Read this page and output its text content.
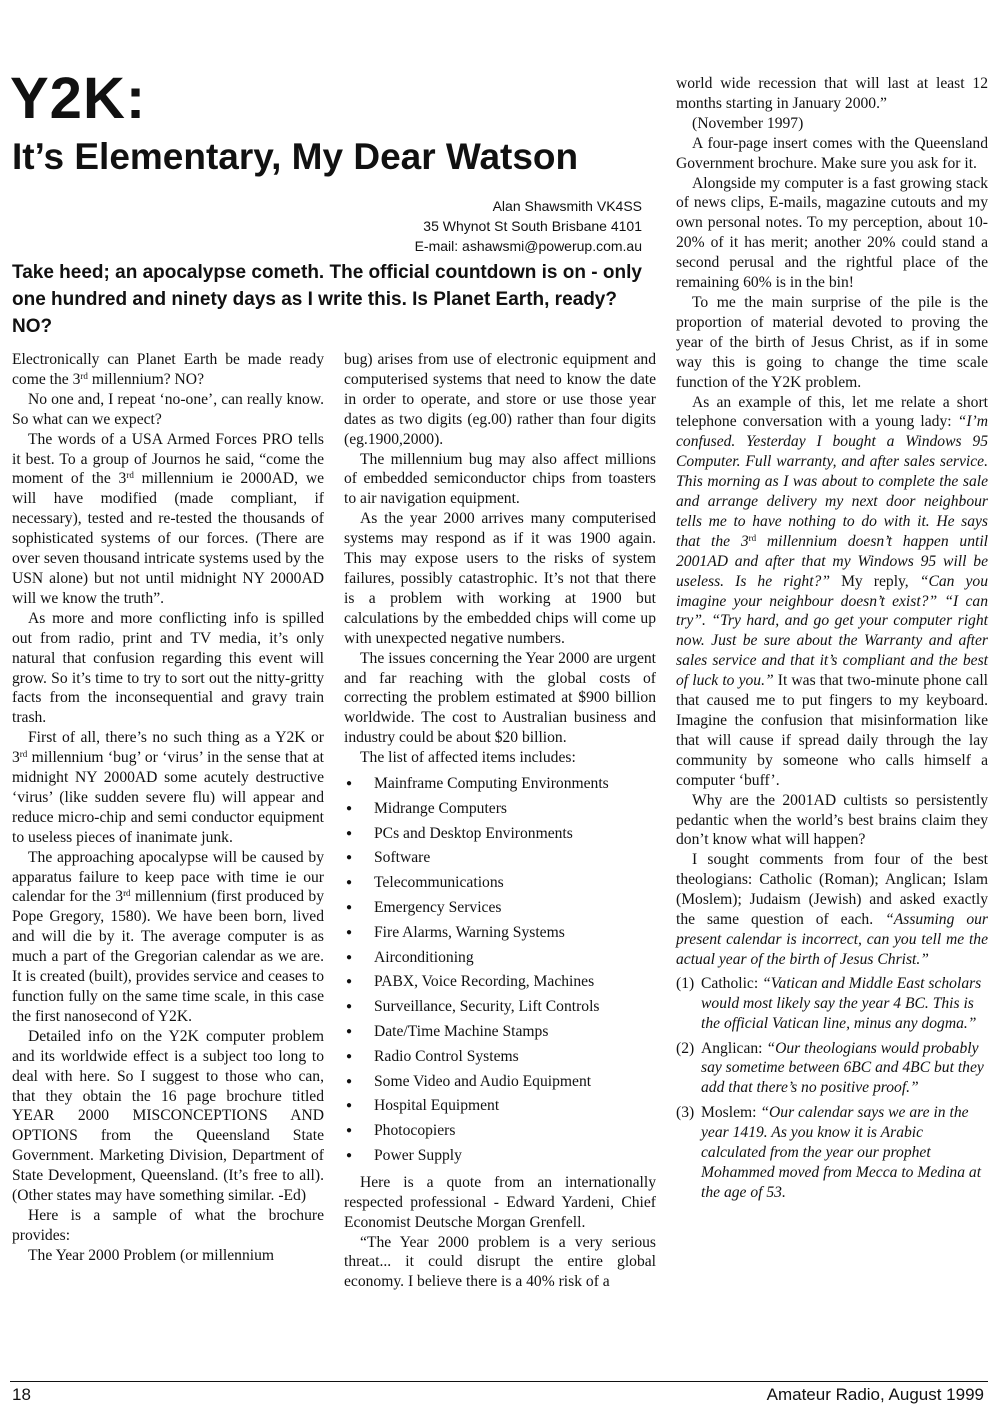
Y2K:
It’s Elementary, My Dear Watson
Alan Shawsmith VK4SS
35 Whynot St South Brisbane 4101
E-mail: ashawsmi@powerup.com.au

Take heed; an apocalypse cometh. The official countdown is on - only one hundred and ninety days as I write this. Is Planet Earth, ready? NO?

Electronically can Planet Earth be made ready come the 3rd millennium? NO?

No one and, I repeat ‘no-one’, can really know. So what can we expect?

The words of a USA Armed Forces PRO tells it best. To a group of Journos he said, “come the moment of the 3rd millennium ie 2000AD, we will have modified (made compliant, if necessary), tested and re-tested the thousands of sophisticated systems of our forces. (There are over seven thousand intricate systems used by the USN alone) but not until midnight NY 2000AD will we know the truth”.

As more and more conflicting info is spilled out from radio, print and TV media, it’s only natural that confusion regarding this event will grow. So it’s time to try to sort out the nitty-gritty facts from the inconsequential and gravy train trash.

First of all, there’s no such thing as a Y2K or 3rd millennium ‘bug’ or ‘virus’ in the sense that at midnight NY 2000AD some acutely destructive ‘virus’ (like sudden severe flu) will appear and reduce micro-chip and semi conductor equipment to useless pieces of inanimate junk.

The approaching apocalypse will be caused by apparatus failure to keep pace with time ie our calendar for the 3rd millennium (first produced by Pope Gregory, 1580). We have been born, lived and will die by it. The average computer is as much a part of the Gregorian calendar as we are. It is created (built), provides service and ceases to function fully on the same time scale, in this case the first nanosecond of Y2K.

Detailed info on the Y2K computer problem and its worldwide effect is a subject too long to deal with here. So I suggest to those who can, that they obtain the 16 page brochure titled YEAR 2000 MISCONCEPTIONS AND OPTIONS from the Queensland State Government. Marketing Division, Department of State Development, Queensland. (It’s free to all).(Other states may have something similar. -Ed)

Here is a sample of what the brochure provides:

The Year 2000 Problem (or millennium

bug) arises from use of electronic equipment and computerised systems that need to know the date in order to operate, and store or use those year dates as two digits (eg.00) rather than four digits (eg.1900,2000).

The millennium bug may also affect millions of embedded semiconductor chips from toasters to air navigation equipment.

As the year 2000 arrives many computerised systems may respond as if it was 1900 again. This may expose users to the risks of system failures, possibly catastrophic. It’s not that there is a problem with working at 1900 but calculations by the embedded chips will come up with unexpected negative numbers.

The issues concerning the Year 2000 are urgent and far reaching with the global costs of correcting the problem estimated at $900 billion worldwide. The cost to Australian business and industry could be about $20 billion.

The list of affected items includes:

● Mainframe Computing Environments
● Midrange Computers
● PCs and Desktop Environments
● Software
● Telecommunications
● Emergency Services
● Fire Alarms, Warning Systems
● Airconditioning
● PABX, Voice Recording, Machines
● Surveillance, Security, Lift Controls
● Date/Time Machine Stamps
● Radio Control Systems
● Some Video and Audio Equipment
● Hospital Equipment
● Photocopiers
● Power Supply

Here is a quote from an internationally respected professional - Edward Yardeni, Chief Economist Deutsche Morgan Grenfell.

“The Year 2000 problem is a very serious threat... it could disrupt the entire global economy. I believe there is a 40% risk of a

world wide recession that will last at least 12 months starting in January 2000.”

(November 1997)

A four-page insert comes with the Queensland Government brochure. Make sure you ask for it.

Alongside my computer is a fast growing stack of news clips, E-mails, magazine cutouts and my own personal notes. To my perception, about 10-20% of it has merit; another 20% could stand a second perusal and the rightful place of the remaining 60% is in the bin!

To me the main surprise of the pile is the proportion of material devoted to proving the year of the birth of Jesus Christ, as if in some way this is going to change the time scale function of the Y2K problem.

As an example of this, let me relate a short telephone conversation with a young lady: “I’m confused. Yesterday I bought a Windows 95 Computer. Full warranty, and after sales service. This morning as I was about to complete the sale and arrange delivery my next door neighbour tells me to have nothing to do with it. He says that the 3rd millennium doesn’t happen until 2001AD and after that my Windows 95 will be useless. Is he right?” My reply, “Can you imagine your neighbour doesn’t exist?” “I can try”. “Try hard, and go get your computer right now. Just be sure about the Warranty and after sales service and that it’s compliant and the best of luck to you.” It was that two-minute phone call that caused me to put fingers to my keyboard. Imagine the confusion that misinformation like that will cause if spread daily through the lay community by someone who calls himself a computer ‘buff’.

Why are the 2001AD cultists so persistently pedantic when the world’s best brains claim they don’t know what will happen?

I sought comments from four of the best theologians: Catholic (Roman); Anglican; Islam (Moslem); Judaism (Jewish) and asked exactly the same question of each. “Assuming our present calendar is incorrect, can you tell me the actual year of the birth of Jesus Christ.”

(1) Catholic: “Vatican and Middle East scholars would most likely say the year 4 BC. This is the official Vatican line, minus any dogma.”
(2) Anglican: “Our theologians would probably say sometime between 6BC and 4BC but they add that there’s no positive proof.”
(3) Moslem: “Our calendar says we are in the year 1419. As you know it is Arabic calculated from the year our prophet Mohammed moved from Mecca to Medina at the age of 53.
18	Amateur Radio, August 1999
